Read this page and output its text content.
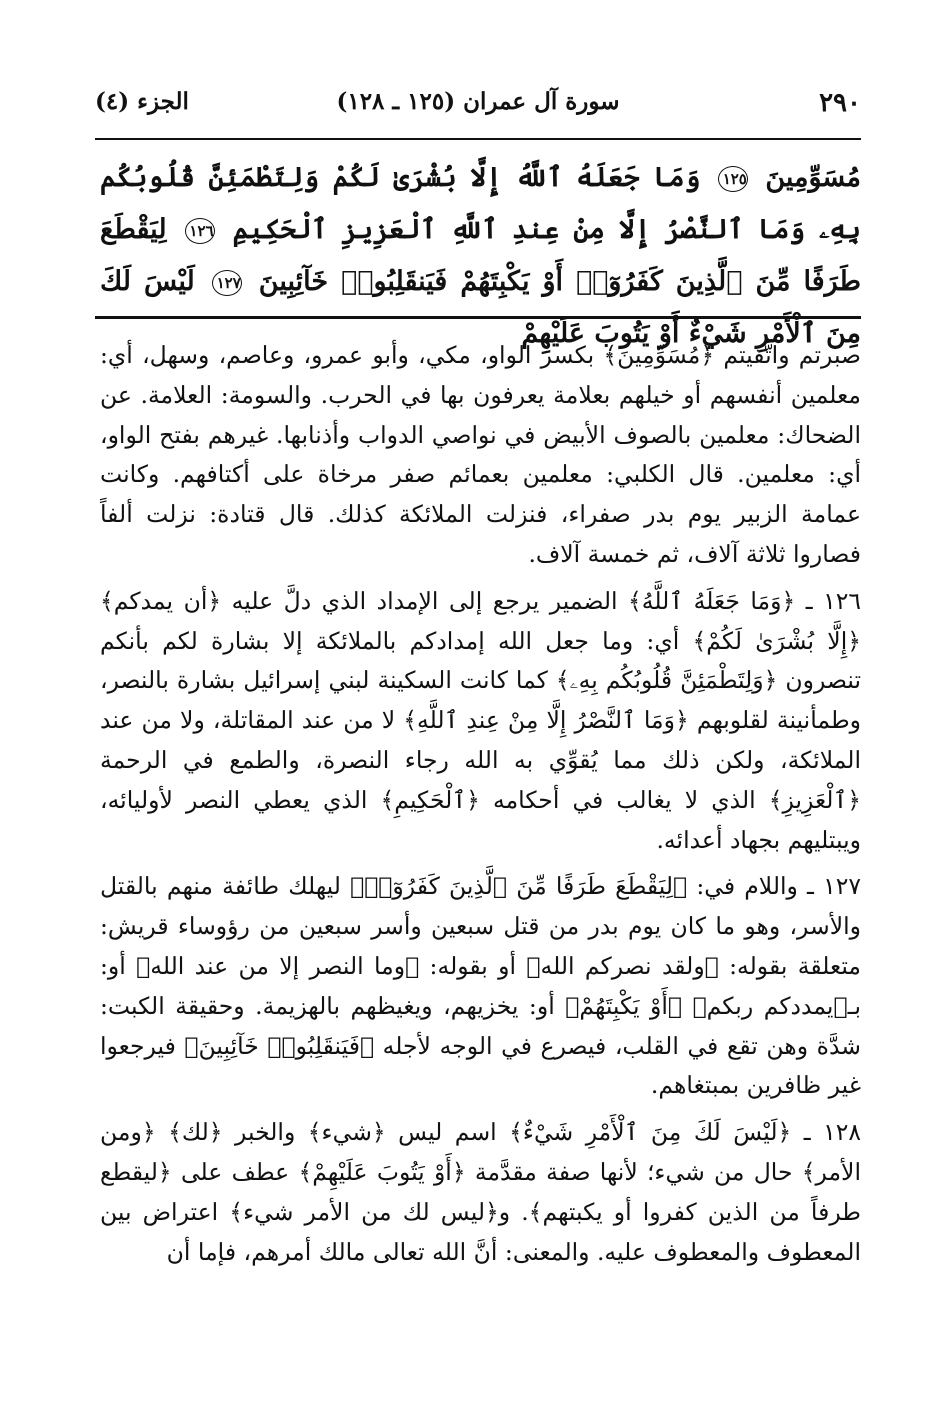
٢٩٠
سورة آل عمران (١٢٥ ـ ١٢٨)
الجزء (٤)
مُسَوِّمِينَ ١٢٥ وَمَا جَعَلَهُ ٱللَّهُ إِلَّا بُشْرَىٰ لَكُمْ وَلِتَطْمَئِنَّ قُلُوبُكُم بِهِۦ وَمَا ٱلنَّصْرُ إِلَّا مِنْ عِندِ ٱللَّهِ ٱلْعَزِيزِ ٱلْحَكِيمِ ١٢٦ لِيَقْطَعَ طَرَفًا مِّنَ ٱلَّذِينَ كَفَرُوٓا۟ أَوْ يَكْبِتَهُمْ فَيَنقَلِبُوا۟ خَآئِبِينَ ١٢٧ لَيْسَ لَكَ مِنَ ٱلْأَمْرِ شَيْءٌ أَوْ يَتُوبَ عَلَيْهِمْ

صبرتم واتَّقيتم ﴿مُسَوِّمِينَ﴾ بكسر الواو، مكي، وأبو عمرو، وعاصم، وسهل، أي: معلمين أنفسهم أو خيلهم بعلامة يعرفون بها في الحرب. والسومة: العلامة. عن الضحاك: معلمين بالصوف الأبيض في نواصي الدواب وأذنابها. غيرهم بفتح الواو، أي: معلمين. قال الكلبي: معلمين بعمائم صفر مرخاة على أكتافهم. وكانت عمامة الزبير يوم بدر صفراء، فنزلت الملائكة كذلك. قال قتادة: نزلت ألفاً فصاروا ثلاثة آلاف، ثم خمسة آلاف.

١٢٦ ـ ﴿وَمَا جَعَلَهُ ٱللَّهُ﴾ الضمير يرجع إلى الإمداد الذي دلَّ عليه ﴿أن يمدكم﴾ ﴿إِلَّا بُشْرَىٰ لَكُمْ﴾ أي: وما جعل الله إمدادكم بالملائكة إلا بشارة لكم بأنكم تنصرون ﴿وَلِتَطْمَئِنَّ قُلُوبُكُم بِهِۦ﴾ كما كانت السكينة لبني إسرائيل بشارة بالنصر، وطمأنينة لقلوبهم ﴿وَمَا ٱلنَّصْرُ إِلَّا مِنْ عِندِ ٱللَّهِ﴾ لا من عند المقاتلة، ولا من عند الملائكة، ولكن ذلك مما يُقوِّي به الله رجاء النصرة، والطمع في الرحمة ﴿ٱلْعَزِيزِ﴾ الذي لا يغالب في أحكامه ﴿ٱلْحَكِيمِ﴾ الذي يعطي النصر لأوليائه، ويبتليهم بجهاد أعدائه.

١٢٧ ـ واللام في: ﴿لِيَقْطَعَ طَرَفًا مِّنَ ٱلَّذِينَ كَفَرُوٓا۟﴾ ليهلك طائفة منهم بالقتل والأسر، وهو ما كان يوم بدر من قتل سبعين وأسر سبعين من رؤوساء قريش: متعلقة بقوله: ﴿ولقد نصركم الله﴾ أو بقوله: ﴿وما النصر إلا من عند الله﴾ أو: بـ﴿يمددكم ربكم﴾ ﴿أَوْ يَكْبِتَهُمْ﴾ أو: يخزيهم، ويغيظهم بالهزيمة. وحقيقة الكبت: شدَّة وهن تقع في القلب، فيصرع في الوجه لأجله ﴿فَيَنقَلِبُوا۟ خَآئِبِينَ﴾ فيرجعوا غير ظافرين بمبتغاهم.

١٢٨ ـ ﴿لَيْسَ لَكَ مِنَ ٱلْأَمْرِ شَيْءٌ﴾ اسم ليس ﴿شيء﴾ والخبر ﴿لك﴾ ﴿ومن الأمر﴾ حال من شيء؛ لأنها صفة مقدَّمة ﴿أَوْ يَتُوبَ عَلَيْهِمْ﴾ عطف على ﴿ليقطع طرفاً من الذين كفروا أو يكبتهم﴾. و﴿ليس لك من الأمر شيء﴾ اعتراض بين المعطوف والمعطوف عليه. والمعنى: أنَّ الله تعالى مالك أمرهم، فإما أن
